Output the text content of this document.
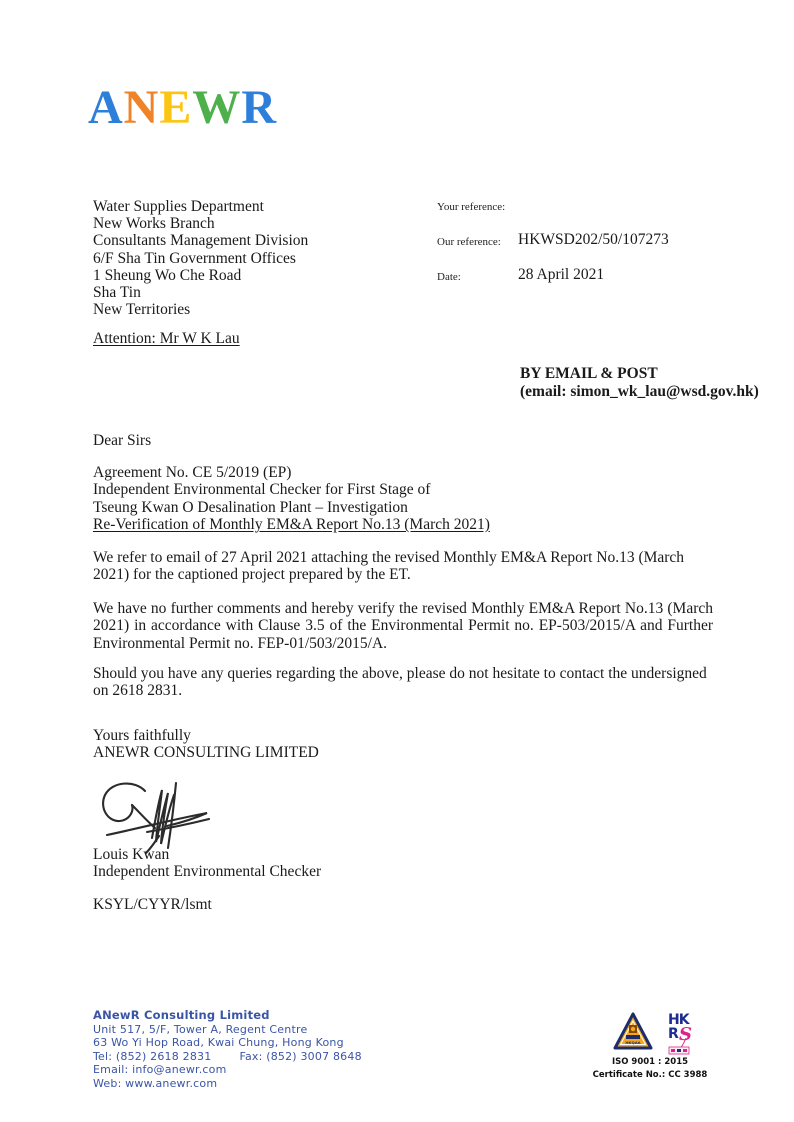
ANEWR
Water Supplies Department
New Works Branch
Consultants Management Division
6/F Sha Tin Government Offices
1 Sheung Wo Che Road
Sha Tin
New Territories
Your reference:
Our reference: HKWSD202/50/107273
Date:	28 April 2021
Attention: Mr W K Lau
BY EMAIL & POST
(email: simon_wk_lau@wsd.gov.hk)
Dear Sirs
Agreement No. CE 5/2019 (EP)
Independent Environmental Checker for First Stage of
Tseung Kwan O Desalination Plant – Investigation
Re-Verification of Monthly EM&A Report No.13 (March 2021)
We refer to email of 27 April 2021 attaching the revised Monthly EM&A Report No.13 (March 2021) for the captioned project prepared by the ET.
We have no further comments and hereby verify the revised Monthly EM&A Report No.13 (March 2021) in accordance with Clause 3.5 of the Environmental Permit no. EP-503/2015/A and Further Environmental Permit no. FEP-01/503/2015/A.
Should you have any queries regarding the above, please do not hesitate to contact the undersigned on 2618 2831.
Yours faithfully
ANEWR CONSULTING LIMITED
Louis Kwan
Independent Environmental Checker
KSYL/CYYR/lsmt
ANewR Consulting Limited
Unit 517, 5/F, Tower A, Regent Centre
63 Wo Yi Hop Road, Kwai Chung, Hong Kong
Tel: (852) 2618 2831	Fax: (852) 3007 8648
Email: info@anewr.com
Web: www.anewr.com
HKQAA
HK
R S
ISO 9001 : 2015
Certificate No.: CC 3988
